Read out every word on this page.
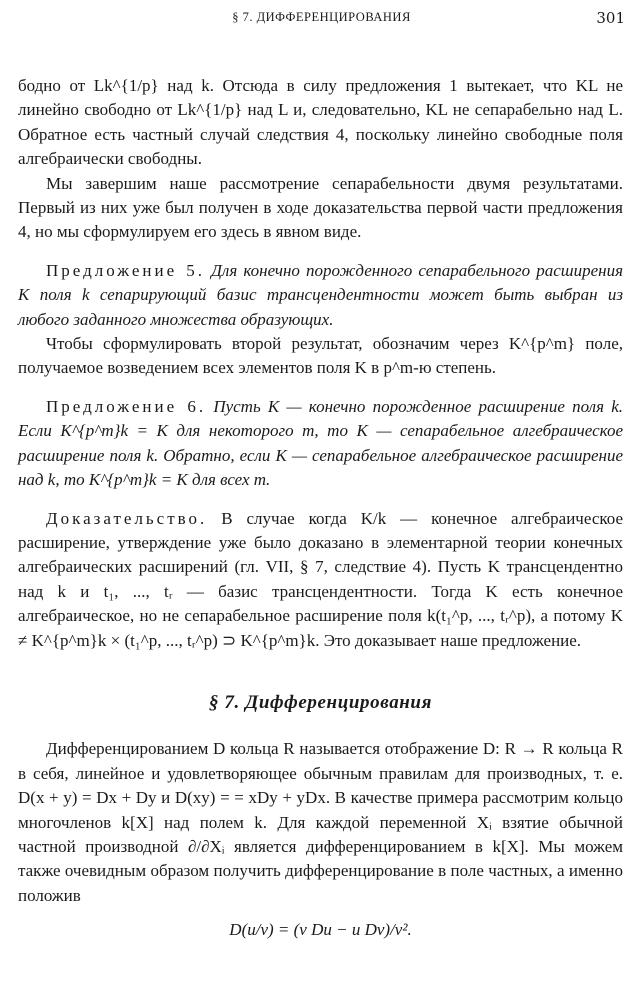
§ 7. ДИФФЕРЕНЦИРОВАНИЯ	301

бодно от Lk^{1/p} над k. Отсюда в силу предложения 1 вытекает, что KL не линейно свободно от Lk^{1/p} над L и, следовательно, KL не сепарабельно над L. Обратное есть частный случай следствия 4, поскольку линейно свободные поля алгебраически свободны.

Мы завершим наше рассмотрение сепарабельности двумя результатами. Первый из них уже был получен в ходе доказательства первой части предложения 4, но мы сформулируем его здесь в явном виде.

Предложение 5. Для конечно порожденного сепарабельного расширения K поля k сепарирующий базис трансцендентности может быть выбран из любого заданного множества образующих.

Чтобы сформулировать второй результат, обозначим через K^{p^m} поле, получаемое возведением всех элементов поля K в p^m-ю степень.

Предложение 6. Пусть K — конечно порожденное расширение поля k. Если K^{p^m}k = K для некоторого m, то K — сепарабельное алгебраическое расширение поля k. Обратно, если K — сепарабельное алгебраическое расширение над k, то K^{p^m}k = K для всех m.

Доказательство. В случае когда K/k — конечное алгебраическое расширение, утверждение уже было доказано в элементарной теории конечных алгебраических расширений (гл. VII, § 7, следствие 4). Пусть K трансцендентно над k и t₁, ..., tᵣ — базис трансцендентности. Тогда K есть конечное алгебраическое, но не сепарабельное расширение поля k(t₁^p, ..., tᵣ^p), а потому K ≠ K^{p^m}k × (t₁^p, ..., tᵣ^p) ⊃ K^{p^m}k. Это доказывает наше предложение.

§ 7. Дифференцирования

Дифференцированием D кольца R называется отображение D: R → R кольца R в себя, линейное и удовлетворяющее обычным правилам для производных, т. е. D(x + y) = Dx + Dy и D(xy) = = xDy + yDx. В качестве примера рассмотрим кольцо многочленов k[X] над полем k. Для каждой переменной Xᵢ взятие обычной частной производной ∂/∂Xᵢ является дифференцированием в k[X]. Мы можем также очевидным образом получить дифференцирование в поле частных, а именно положив

D(u/v) = (v Du − u Dv)/v².
